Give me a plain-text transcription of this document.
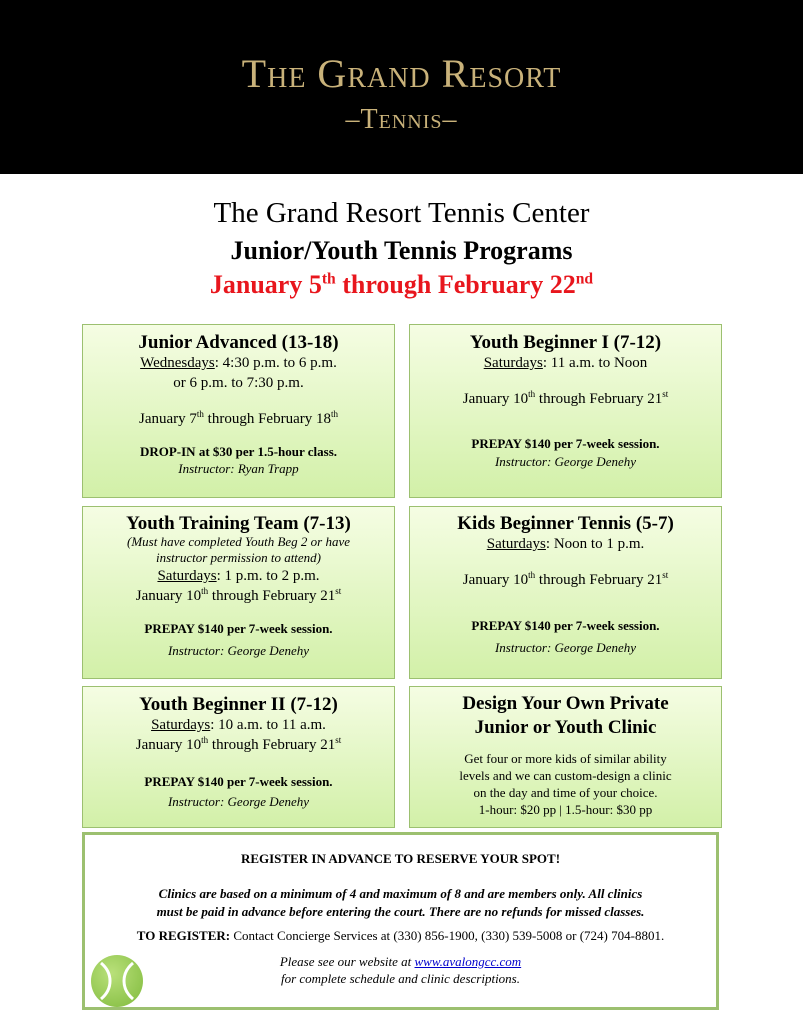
The Grand Resort
–Tennis–
The Grand Resort Tennis Center
Junior/Youth Tennis Programs
January 5th through February 22nd
Junior Advanced (13-18)
Wednesdays: 4:30 p.m. to 6 p.m.
or 6 p.m. to 7:30 p.m.
January 7th through February 18th
DROP-IN at $30 per 1.5-hour class.
Instructor: Ryan Trapp
Youth Beginner I (7-12)
Saturdays: 11 a.m. to Noon
January 10th through February 21st
PREPAY $140 per 7-week session.
Instructor: George Denehy
Youth Training Team (7-13)
(Must have completed Youth Beg 2 or have
instructor permission to attend)
Saturdays: 1 p.m. to 2 p.m.
January 10th through February 21st
PREPAY $140 per 7-week session.
Instructor: George Denehy
Kids Beginner Tennis (5-7)
Saturdays: Noon to 1 p.m.
January 10th through February 21st
PREPAY $140 per 7-week session.
Instructor: George Denehy
Youth Beginner II (7-12)
Saturdays: 10 a.m. to 11 a.m.
January 10th through February 21st
PREPAY $140 per 7-week session.
Instructor: George Denehy
Design Your Own Private
Junior or Youth Clinic
Get four or more kids of similar ability
levels and we can custom-design a clinic
on the day and time of your choice.
1-hour: $20 pp | 1.5-hour: $30 pp
REGISTER IN ADVANCE TO RESERVE YOUR SPOT!
Clinics are based on a minimum of 4 and maximum of 8 and are members only. All clinics
must be paid in advance before entering the court. There are no refunds for missed classes.
TO REGISTER: Contact Concierge Services at (330) 856-1900, (330) 539-5008 or (724) 704-8801.
Please see our website at www.avalongcc.com
for complete schedule and clinic descriptions.
